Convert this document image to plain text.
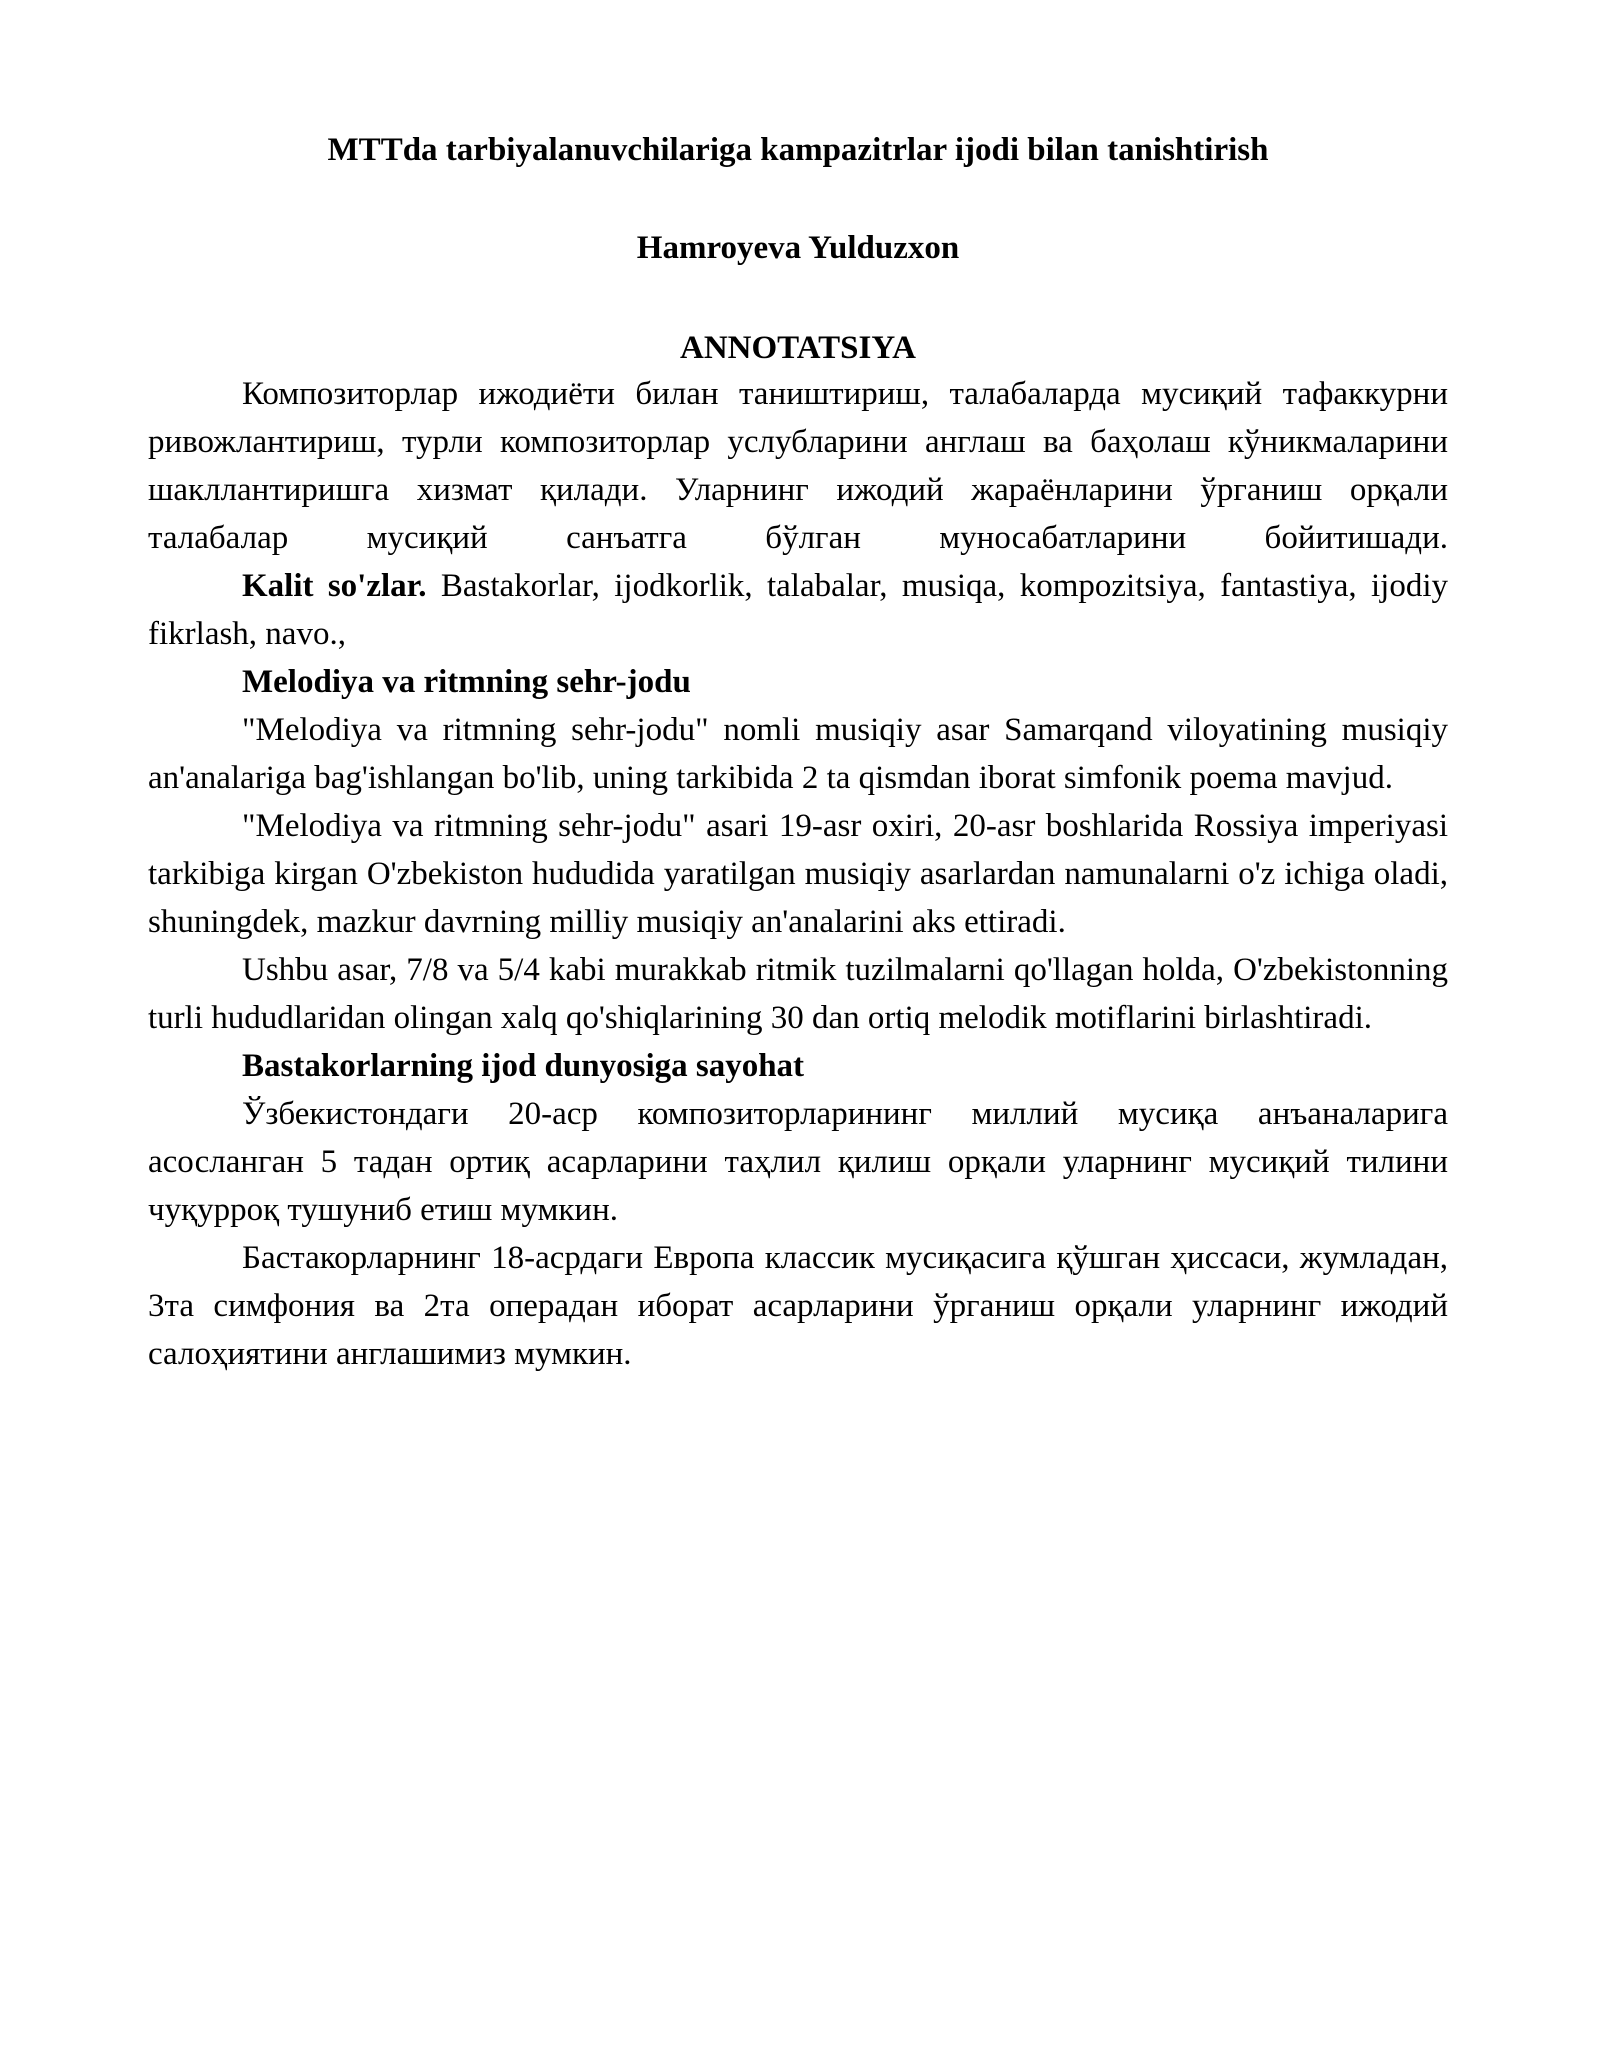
MTTda tarbiyalanuvchilariga kampazitrlar ijodi bilan tanishtirish
Hamroyeva Yulduzxon
ANNOTATSIYA

Композиторлар ижодиёти билан таништириш, талабаларда мусиқий тафаккурни ривожлантириш, турли композиторлар услубларини англаш ва баҳолаш кўникмаларини шакллантиришга хизмат қилади. Уларнинг ижодий жараёнларини ўрганиш орқали талабалар мусиқий санъатга бўлган муносабатларини бойитишади.

Kalit so'zlar. Bastakorlar, ijodkorlik, talabalar, musiqa, kompozitsiya, fantastiya, ijodiy fikrlash, navo.,

Melodiya va ritmning sehr-jodu

"Melodiya va ritmning sehr-jodu" nomli musiqiy asar Samarqand viloyatining musiqiy an'analariga bag'ishlangan bo'lib, uning tarkibida 2 ta qismdan iborat simfonik poema mavjud.

"Melodiya va ritmning sehr-jodu" asari 19-asr oxiri, 20-asr boshlarida Rossiya imperiyasi tarkibiga kirgan O'zbekiston hududida yaratilgan musiqiy asarlardan namunalarni o'z ichiga oladi, shuningdek, mazkur davrning milliy musiqiy an'analarini aks ettiradi.

Ushbu asar, 7/8 va 5/4 kabi murakkab ritmik tuzilmalarni qo'llagan holda, O'zbekistonning turli hududlaridan olingan xalq qo'shiqlarining 30 dan ortiq melodik motiflarini birlashtiradi.

Bastakorlarning ijod dunyosiga sayohat

Ўзбекистондаги 20-аср композиторларининг миллий мусиқа анъаналарига асосланган 5 тадан ортиқ асарларини таҳлил қилиш орқали уларнинг мусиқий тилини чуқурроқ тушуниб етиш мумкин.

Бастакорларнинг 18-асрдаги Европа классик мусиқасига қўшган ҳиссаси, жумладан, 3та симфония ва 2та операдан иборат асарларини ўрганиш орқали уларнинг ижодий салоҳиятини англашимиз мумкин.
